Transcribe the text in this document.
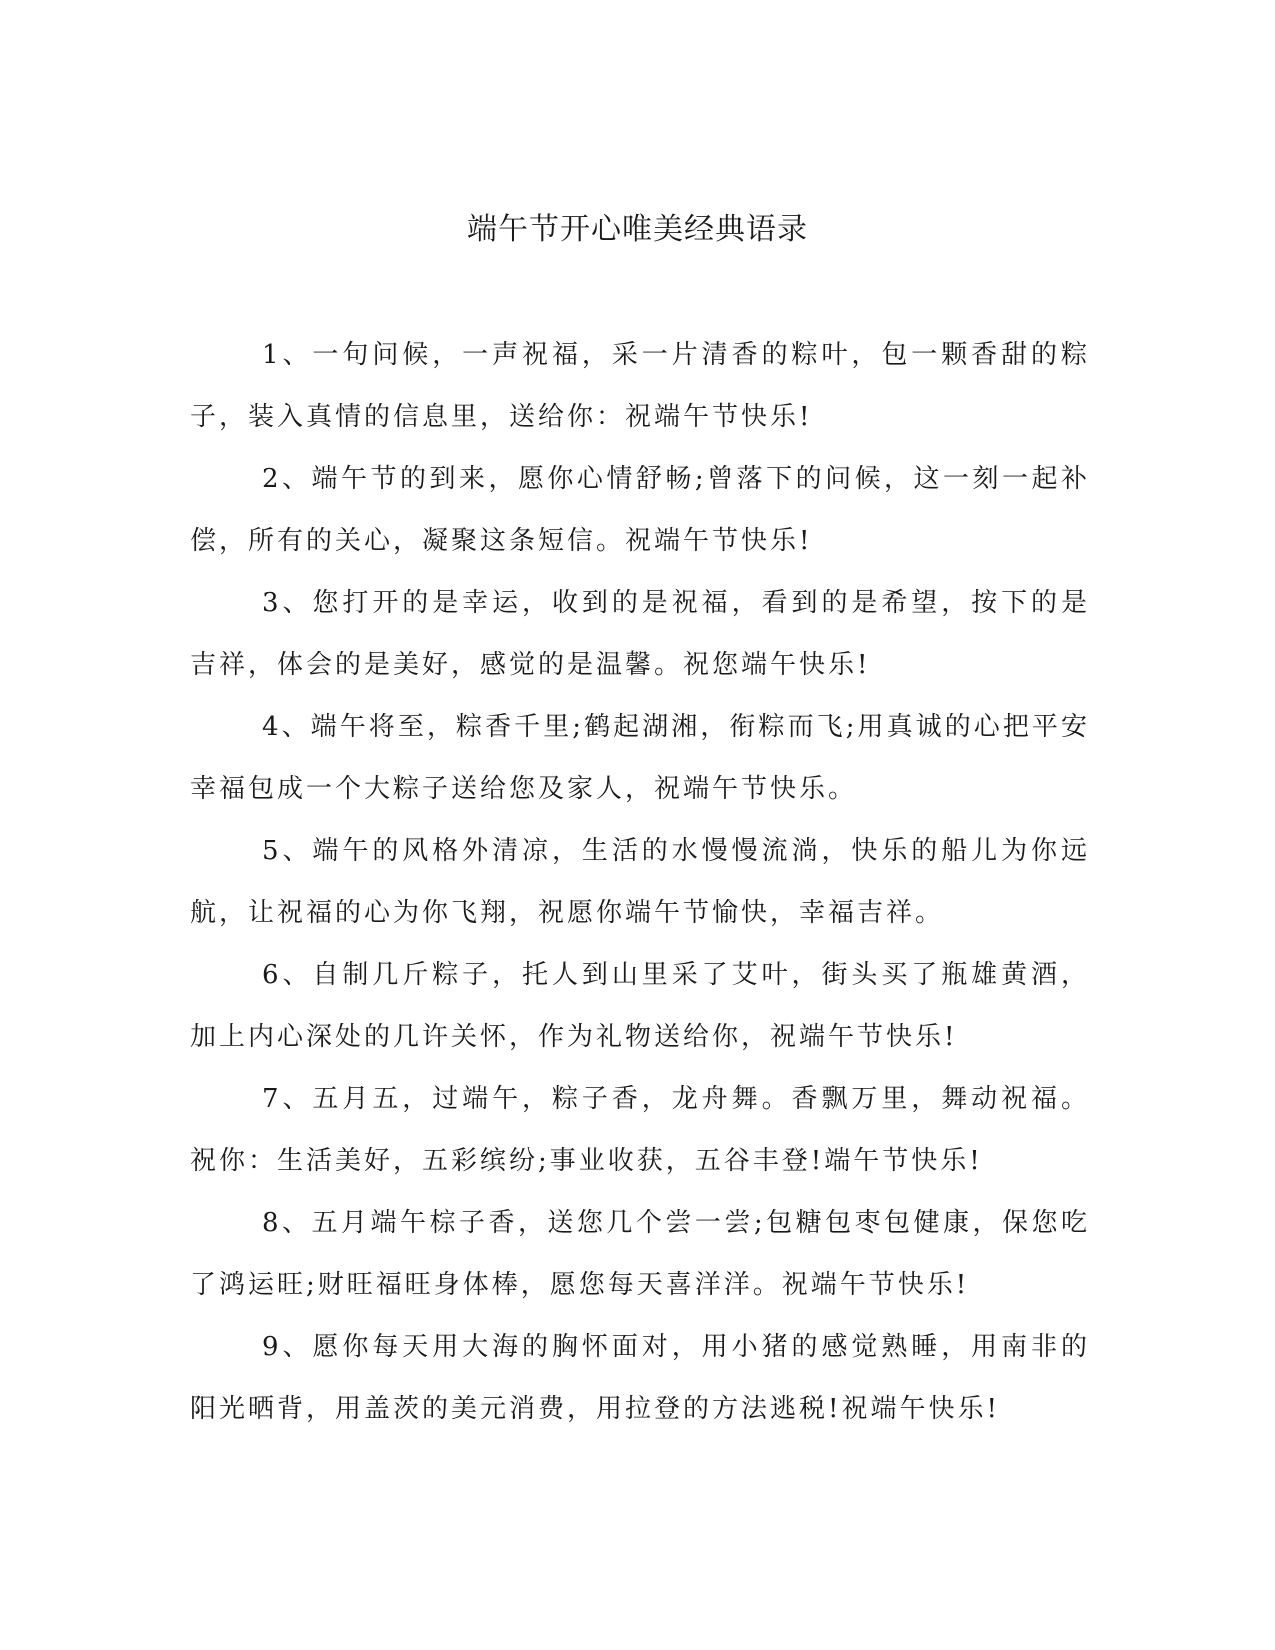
端午节开心唯美经典语录

1、一句问候，一声祝福，采一片清香的粽叶，包一颗香甜的粽子，装入真情的信息里，送给你：祝端午节快乐!

2、端午节的到来，愿你心情舒畅;曾落下的问候，这一刻一起补偿，所有的关心，凝聚这条短信。祝端午节快乐!

3、您打开的是幸运，收到的是祝福，看到的是希望，按下的是吉祥，体会的是美好，感觉的是温馨。祝您端午快乐!

4、端午将至，粽香千里;鹤起湖湘，衔粽而飞;用真诚的心把平安幸福包成一个大粽子送给您及家人，祝端午节快乐。

5、端午的风格外清凉，生活的水慢慢流淌，快乐的船儿为你远航，让祝福的心为你飞翔，祝愿你端午节愉快，幸福吉祥。

6、自制几斤粽子，托人到山里采了艾叶，街头买了瓶雄黄酒，加上内心深处的几许关怀，作为礼物送给你，祝端午节快乐!

7、五月五，过端午，粽子香，龙舟舞。香飘万里，舞动祝福。祝你：生活美好，五彩缤纷;事业收获，五谷丰登!端午节快乐!

8、五月端午棕子香，送您几个尝一尝;包糖包枣包健康，保您吃了鸿运旺;财旺福旺身体棒，愿您每天喜洋洋。祝端午节快乐!

9、愿你每天用大海的胸怀面对，用小猪的感觉熟睡，用南非的阳光晒背，用盖茨的美元消费，用拉登的方法逃税!祝端午快乐!
